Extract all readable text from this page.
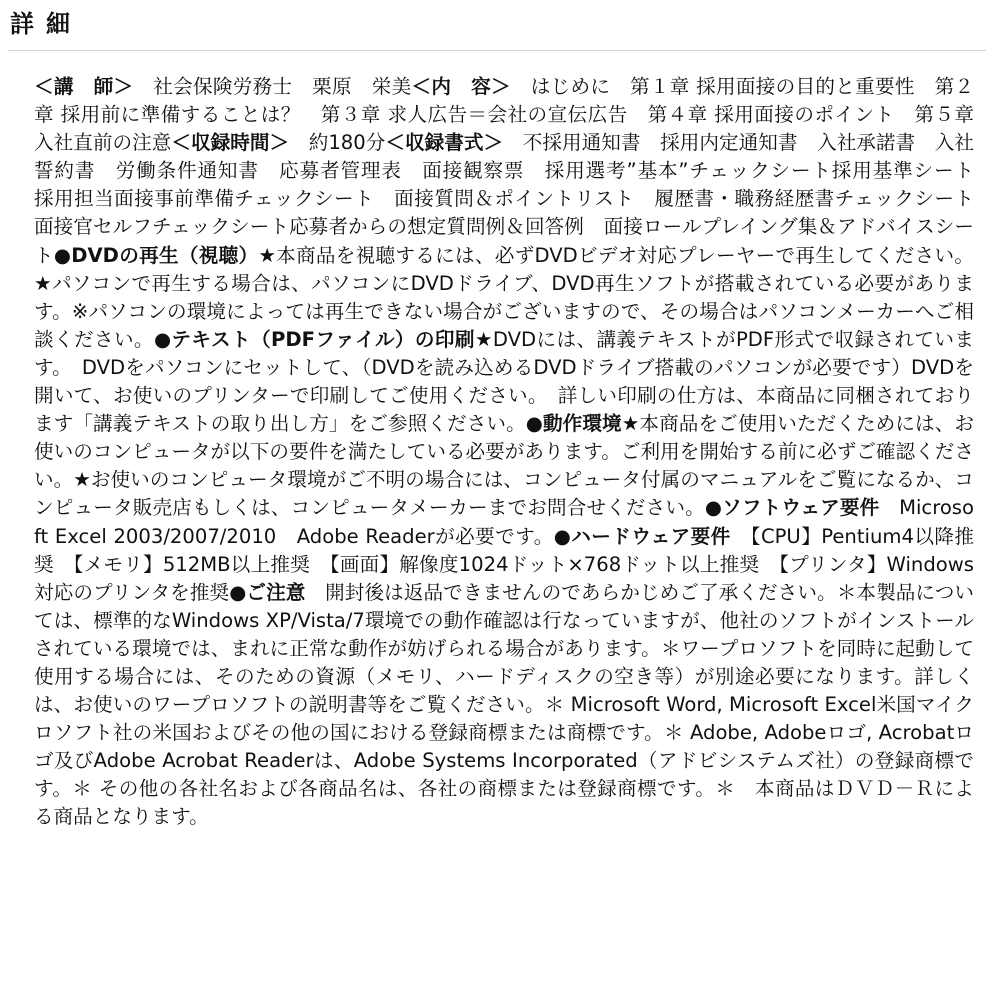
詳細
＜講　師＞　社会保険労務士　栗原　栄美＜内　容＞　はじめに　第１章 採用面接の目的と重要性　第２章 採用前に準備することは？　第３章 求人広告＝会社の宣伝広告　第４章 採用面接のポイント　第５章 入社直前の注意＜収録時間＞　約180分＜収録書式＞　不採用通知書　採用内定通知書　入社承諾書　入社誓約書　労働条件通知書　応募者管理表　面接観察票　採用選考”基本”チェックシート採用基準シート　採用担当面接事前準備チェックシート　面接質問＆ポイントリスト　履歴書・職務経歴書チェックシート　面接官セルフチェックシート応募者からの想定質問例＆回答例　面接ロールプレイング集＆アドバイスシート●DVDの再生（視聴）★本商品を視聴するには、必ずDVDビデオ対応プレーヤーで再生してください。★パソコンで再生する場合は、パソコンにDVDドライブ、DVD再生ソフトが搭載されている必要があります。※パソコンの環境によっては再生できない場合がございますので、その場合はパソコンメーカーへご相談ください。●テキスト（PDFファイル）の印刷★DVDには、講義テキストがPDF形式で収録されています。　DVDをパソコンにセットして、（DVDを読み込めるDVDドライブ搭載のパソコンが必要です）DVDを開いて、お使いのプリンターで印刷してご使用ください。　詳しい印刷の仕方は、本商品に同梱されております「講義テキストの取り出し方」をご参照ください。●動作環境★本商品をご使用いただくためには、お使いのコンピュータが以下の要件を満たしている必要があります。ご利用を開始する前に必ずご確認ください。★お使いのコンピュータ環境がご不明の場合には、コンピュータ付属のマニュアルをご覧になるか、コンピュータ販売店もしくは、コンピュータメーカーまでお問合せください。●ソフトウェア要件　Microsoft Excel 2003/2007/2010　Adobe Readerが必要です。●ハードウェア要件　【CPU】Pentium4以降推奨　【メモリ】512MB以上推奨　【画面】解像度1024ドット×768ドット以上推奨　【プリンタ】Windows対応のプリンタを推奨●ご注意　開封後は返品できませんのであらかじめご了承ください。＊本製品については、標準的なWindows XP/Vista/7環境での動作確認は行なっていますが、他社のソフトがインストールされている環境では、まれに正常な動作が妨げられる場合があります。＊ワープロソフトを同時に起動して使用する場合には、そのための資源（メモリ、ハードディスクの空き等）が別途必要になります。詳しくは、お使いのワープロソフトの説明書等をご覧ください。＊ Microsoft Word, Microsoft Excel米国マイクロソフト社の米国およびその他の国における登録商標または商標です。＊ Adobe, Adobeロゴ, Acrobatロゴ及びAdobe Acrobat Readerは、Adobe Systems Incorporated（アドビシステムズ社）の登録商標です。＊ その他の各社名および各商品名は、各社の商標または登録商標です。＊　本商品はＤＶＤ－Ｒによる商品となります。
